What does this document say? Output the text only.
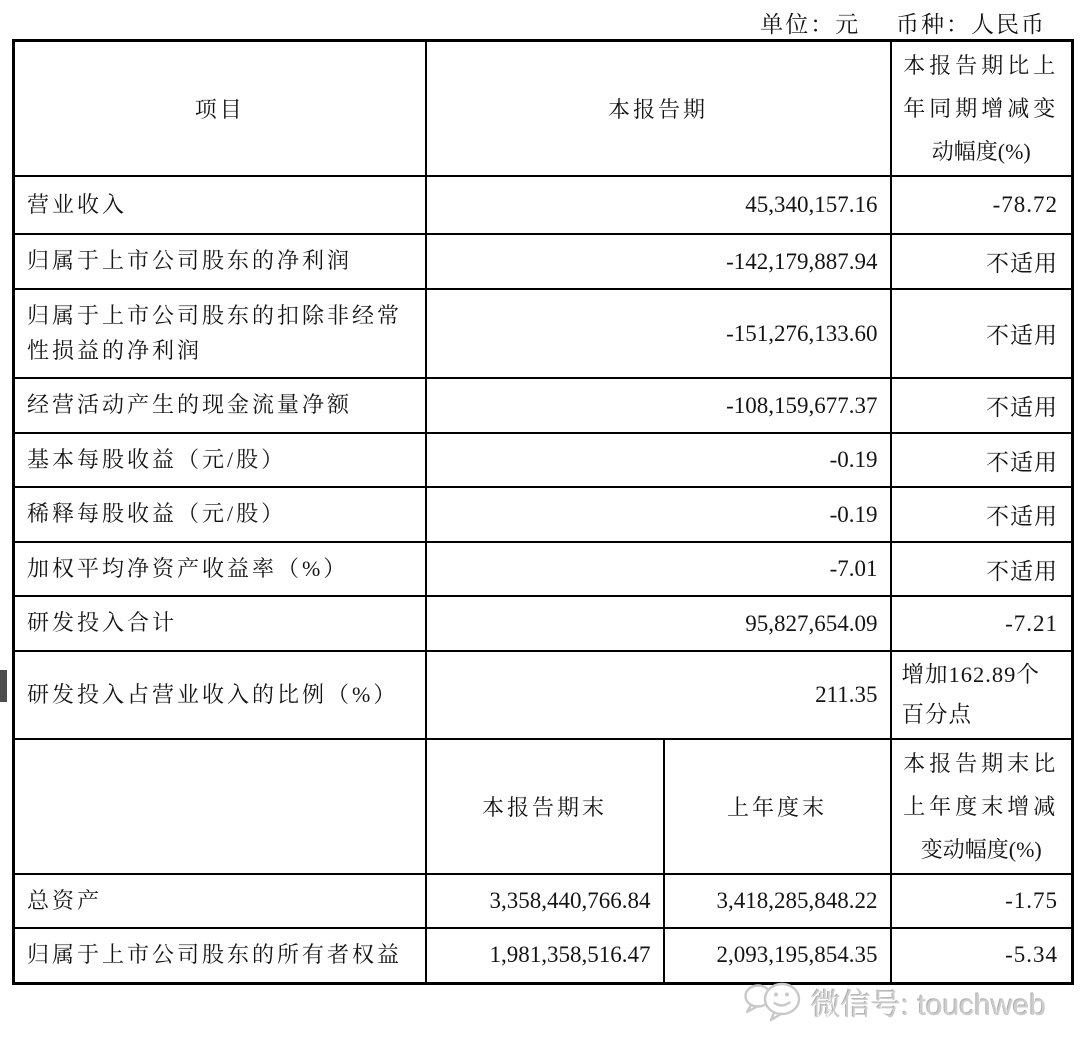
单位：元 币种：人民币
项目	本报告期		本报告期比上
年同期增减变
动幅度(%)

营业收入	45,340,157.16		-78.72
归属于上市公司股东的净利润	-142,179,887.94		不适用
归属于上市公司股东的扣除非经常性损益的净利润	-151,276,133.60		不适用
经营活动产生的现金流量净额	-108,159,677.37		不适用
基本每股收益（元/股）	-0.19		不适用
稀释每股收益（元/股）	-0.19		不适用
加权平均净资产收益率（%）	-7.01		不适用
研发投入合计	95,827,654.09		-7.21
研发投入占营业收入的比例（%）	211.35		增加162.89个百分点

	本报告期末	上年度末	本报告期末比
上年度末增减
变动幅度(%)

总资产	3,358,440,766.84	3,418,285,848.22	-1.75
归属于上市公司股东的所有者权益	1,981,358,516.47	2,093,195,854.35	-5.34
微信号: touchweb
